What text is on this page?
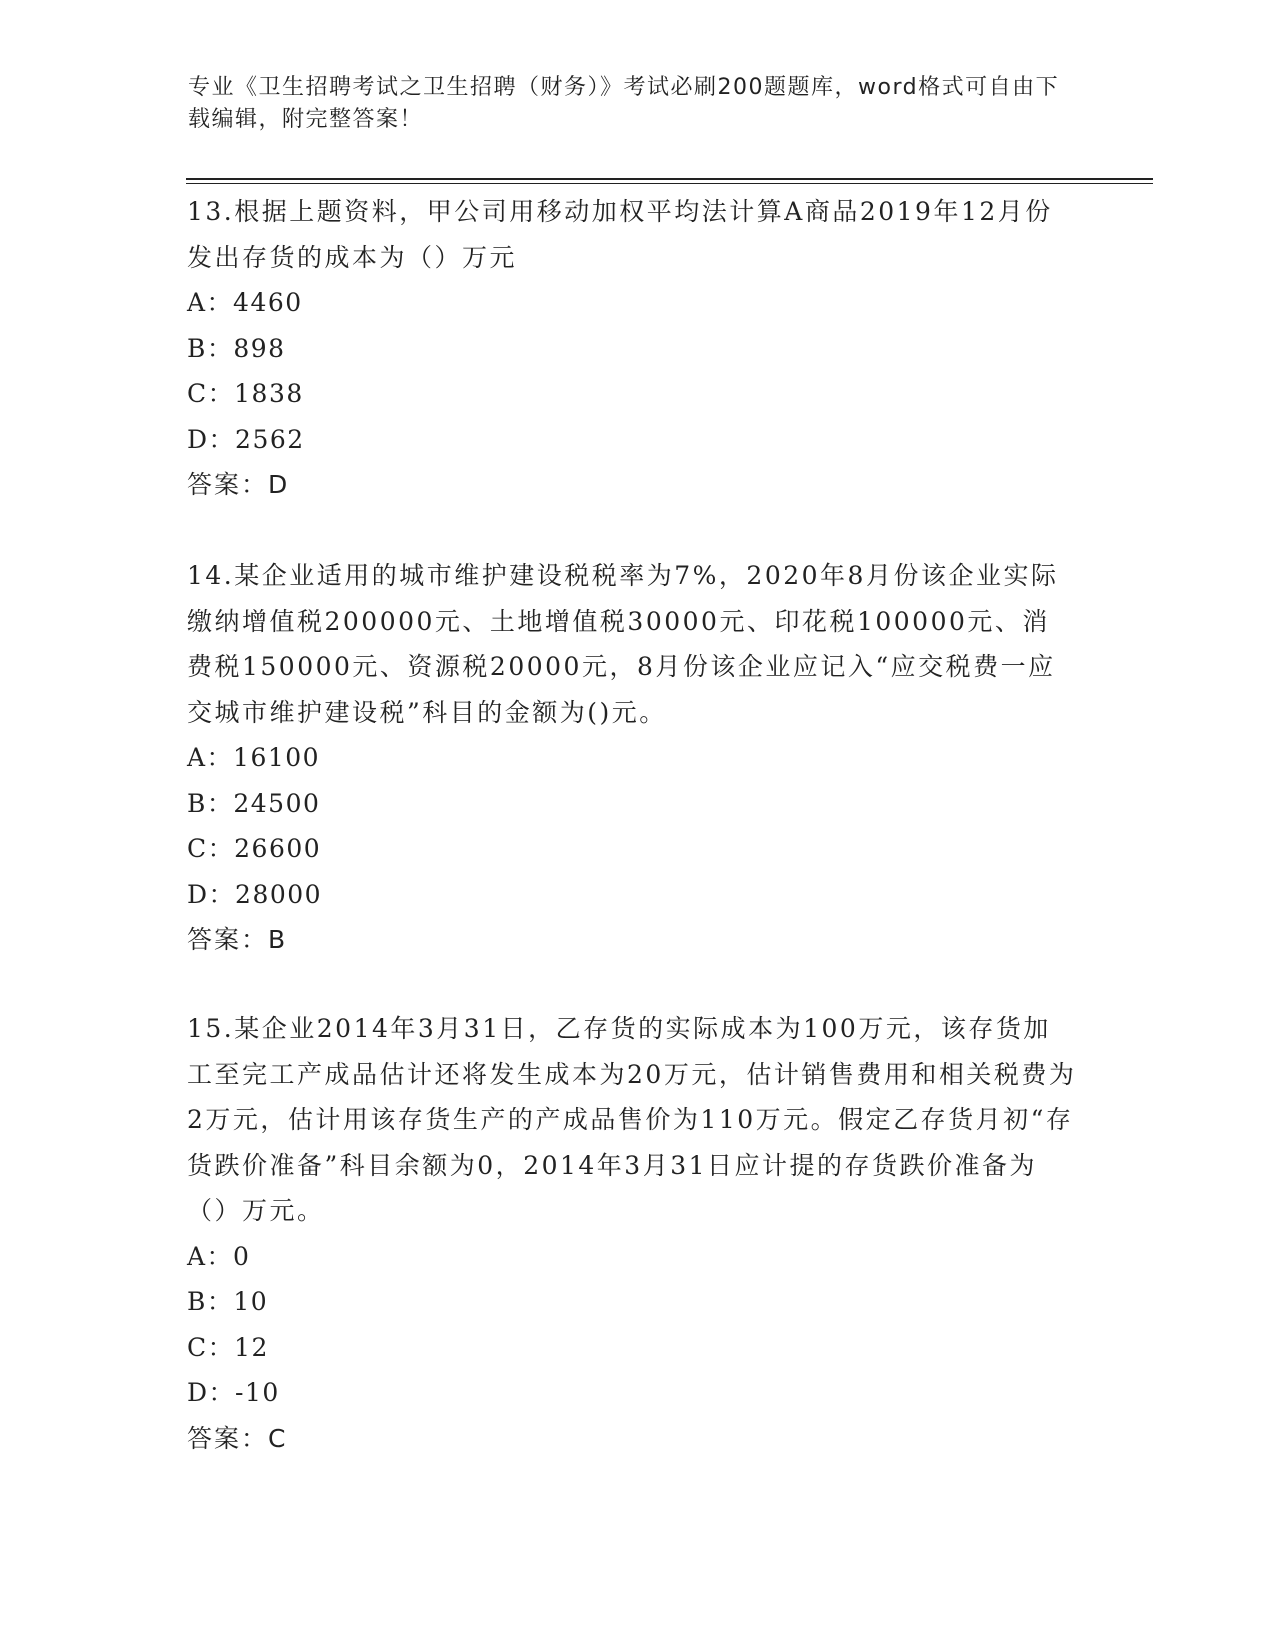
专业《卫生招聘考试之卫生招聘（财务）》考试必刷200题题库，word格式可自由下载编辑，附完整答案！
13.根据上题资料，甲公司用移动加权平均法计算A商品2019年12月份发出存货的成本为（）万元
A：4460
B：898
C：1838
D：2562
答案：D
14.某企业适用的城市维护建设税税率为7%，2020年8月份该企业实际缴纳增值税200000元、土地增值税30000元、印花税100000元、消费税150000元、资源税20000元，8月份该企业应记入“应交税费一应交城市维护建设税”科目的金额为()元。
A：16100
B：24500
C：26600
D：28000
答案：B
15.某企业2014年3月31日，乙存货的实际成本为100万元，该存货加工至完工产成品估计还将发生成本为20万元，估计销售费用和相关税费为2万元，估计用该存货生产的产成品售价为110万元。假定乙存货月初“存货跌价准备”科目余额为0，2014年3月31日应计提的存货跌价准备为（）万元。
A：0
B：10
C：12
D：-10
答案：C
